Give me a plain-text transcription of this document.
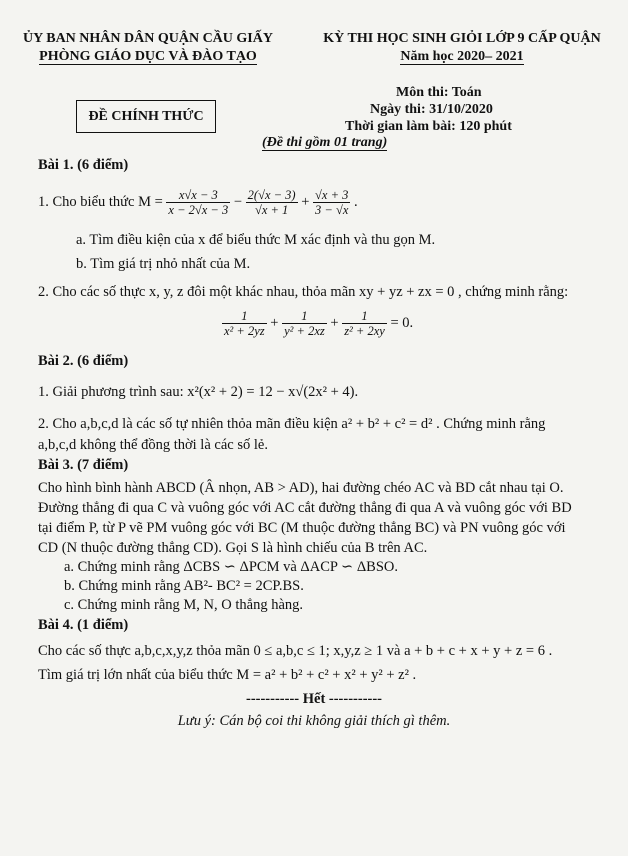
ỦY BAN NHÂN DÂN QUẬN CẦU GIẤY
PHÒNG GIÁO DỤC VÀ ĐÀO TẠO
KỲ THI HỌC SINH GIỎI LỚP 9 CẤP QUẬN
Năm học 2020– 2021
ĐỀ CHÍNH THỨC
Môn thi: Toán
Ngày thi: 31/10/2020
Thời gian làm bài: 120 phút
(Đề thi gồm 01 trang)
Bài 1. (6 điểm)
1. Cho biểu thức $M = \frac{x√x - 3}{x - 2√x - 3} - \frac{2(√x - 3)}{√x + 1} + \frac{√x + 3}{3 - √x}$ .
a. Tìm điều kiện của x để biểu thức M xác định và thu gọn M.
b. Tìm giá trị nhỏ nhất của M.
2. Cho các số thực x, y, z đôi một khác nhau, thỏa mãn xy + yz + zx = 0 , chứng minh rằng:
$\frac{1}{\text{x² + 2yz}} + \frac{1}{\text{y² + 2xz}} + \frac{1}{\text{z² + 2xy}} = 0$.
Bài 2. (6 điểm)
1. Giải phương trình sau: x²(x² + 2) = 12 − x√(2x² + 4).
2. Cho a,b,c,d là các số tự nhiên thỏa mãn điều kiện a² + b² + c² = d² . Chứng minh rằng
a,b,c,d không thể đồng thời là các số lẻ.
Bài 3. (7 điểm)
Cho hình bình hành ABCD (Â nhọn, AB > AD), hai đường chéo AC và BD cắt nhau tại O.
Đường thẳng đi qua C và vuông góc với AC cắt đường thẳng đi qua A và vuông góc với BD
tại điểm P, từ P vẽ PM vuông góc với BC (M thuộc đường thẳng BC) và PN vuông góc với
CD (N thuộc đường thẳng CD). Gọi S là hình chiếu của B trên AC.
a. Chứng minh rằng ΔCBS ∽ ΔPCM và ΔACP ∽ ΔBSO.
b. Chứng minh rằng AB²- BC² = 2CP.BS.
c. Chứng minh rằng M, N, O thẳng hàng.
Bài 4. (1 điểm)
Cho các số thực a,b,c,x,y,z thỏa mãn 0 ≤ a,b,c ≤ 1; x,y,z ≥ 1 và a + b + c + x + y + z = 6 .
Tìm giá trị lớn nhất của biểu thức M = a² + b² + c² + x² + y² + z² .
----------- Hết -----------
Lưu ý: Cán bộ coi thi không giải thích gì thêm.
